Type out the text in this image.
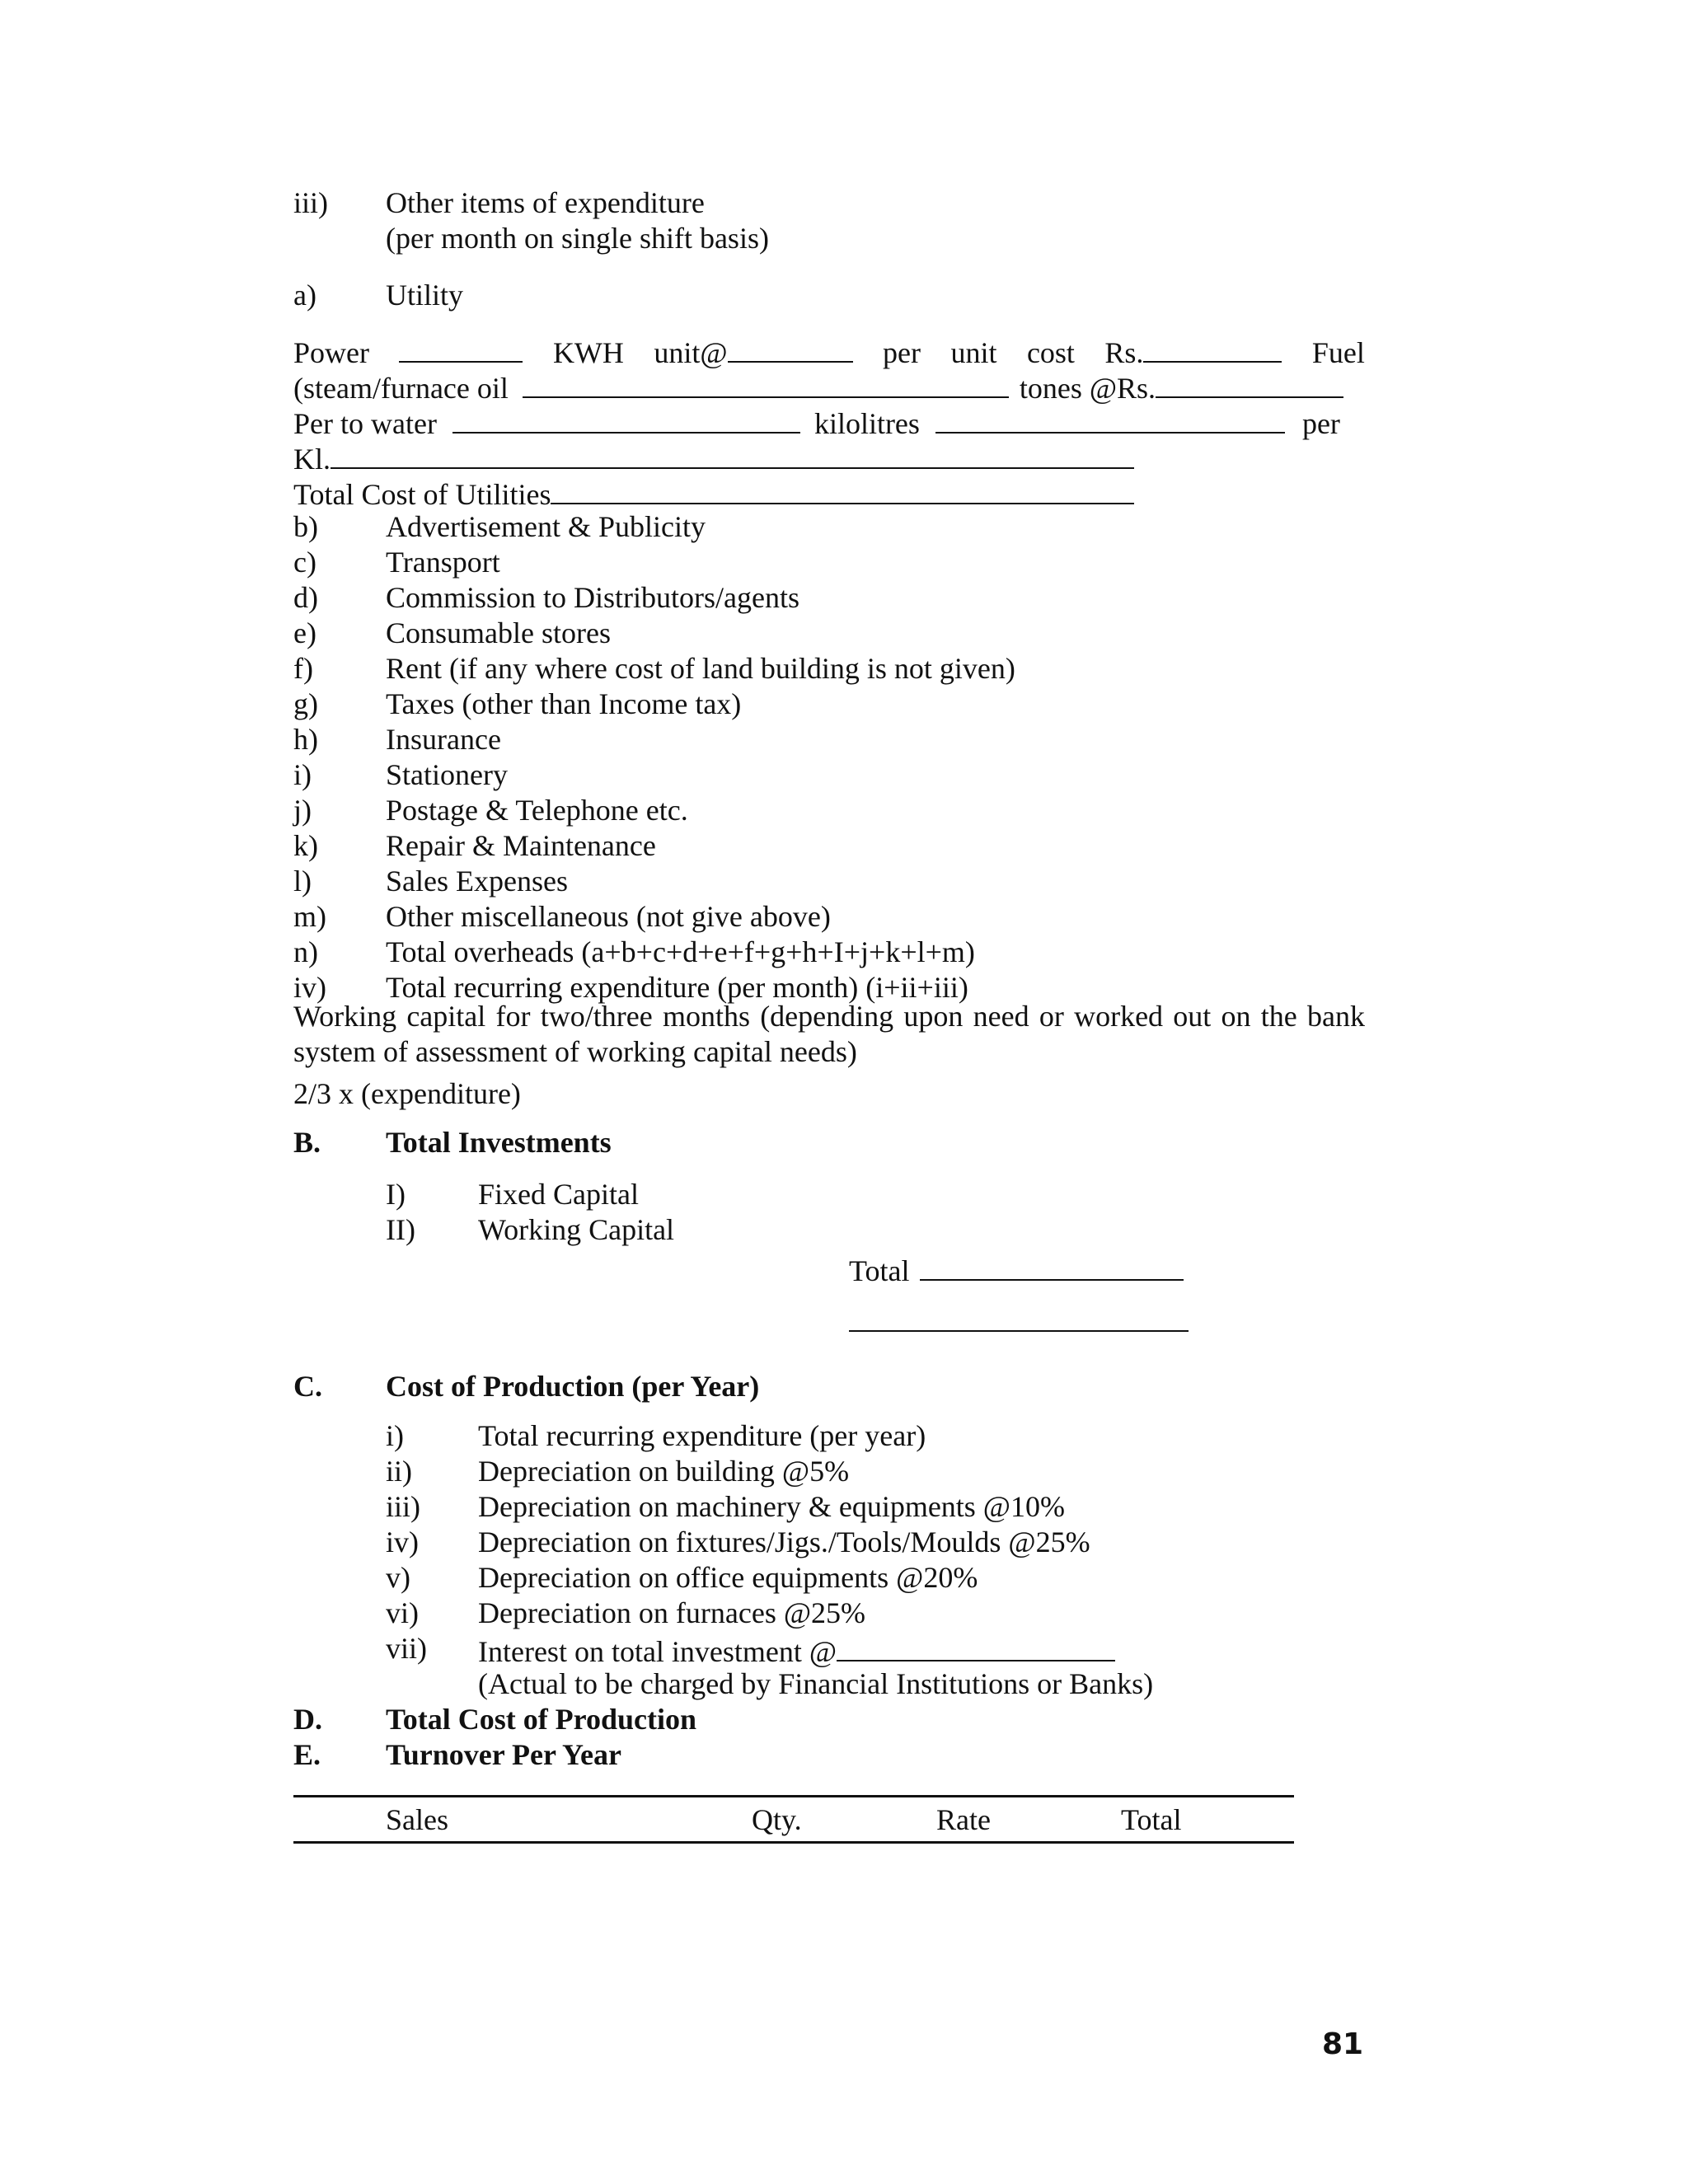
iii) Other items of expenditure
(per month on single shift basis)
a) Utility
Power	KWH unit@	per unit cost Rs.	Fuel
(steam/furnace oil	tones @Rs.
Per to water	kilolitres	per
Kl.
Total Cost of Utilities
b) Advertisement & Publicity
c) Transport
d) Commission to Distributors/agents
e) Consumable stores
f) Rent (if any where cost of land building is not given)
g) Taxes (other than Income tax)
h) Insurance
i)	Stationery
j)	Postage & Telephone etc.
k) Repair & Maintenance
l)	Sales Expenses
m) Other miscellaneous (not give above)
n) Total overheads (a+b+c+d+e+f+g+h+I+j+k+l+m)
iv) Total recurring expenditure (per month) (i+ii+iii)
Working capital for two/three months (depending upon need or worked out on the bank system of assessment of working capital needs)
2/3 x (expenditure)
B. Total Investments
I) Fixed Capital
II) Working Capital
Total
C. Cost of Production (per Year)
i)	Total recurring expenditure (per year)
ii) Depreciation on building @5%
iii) Depreciation on machinery & equipments @10%
iv) Depreciation on fixtures/Jigs./Tools/Moulds @25%
v) Depreciation on office equipments @20%
vi) Depreciation on furnaces @25%
vii) Interest on total investment @
(Actual to be charged by Financial Institutions or Banks)
D. Total Cost of Production
E. Turnover Per Year
Sales	Qty.	Rate	Total
81
